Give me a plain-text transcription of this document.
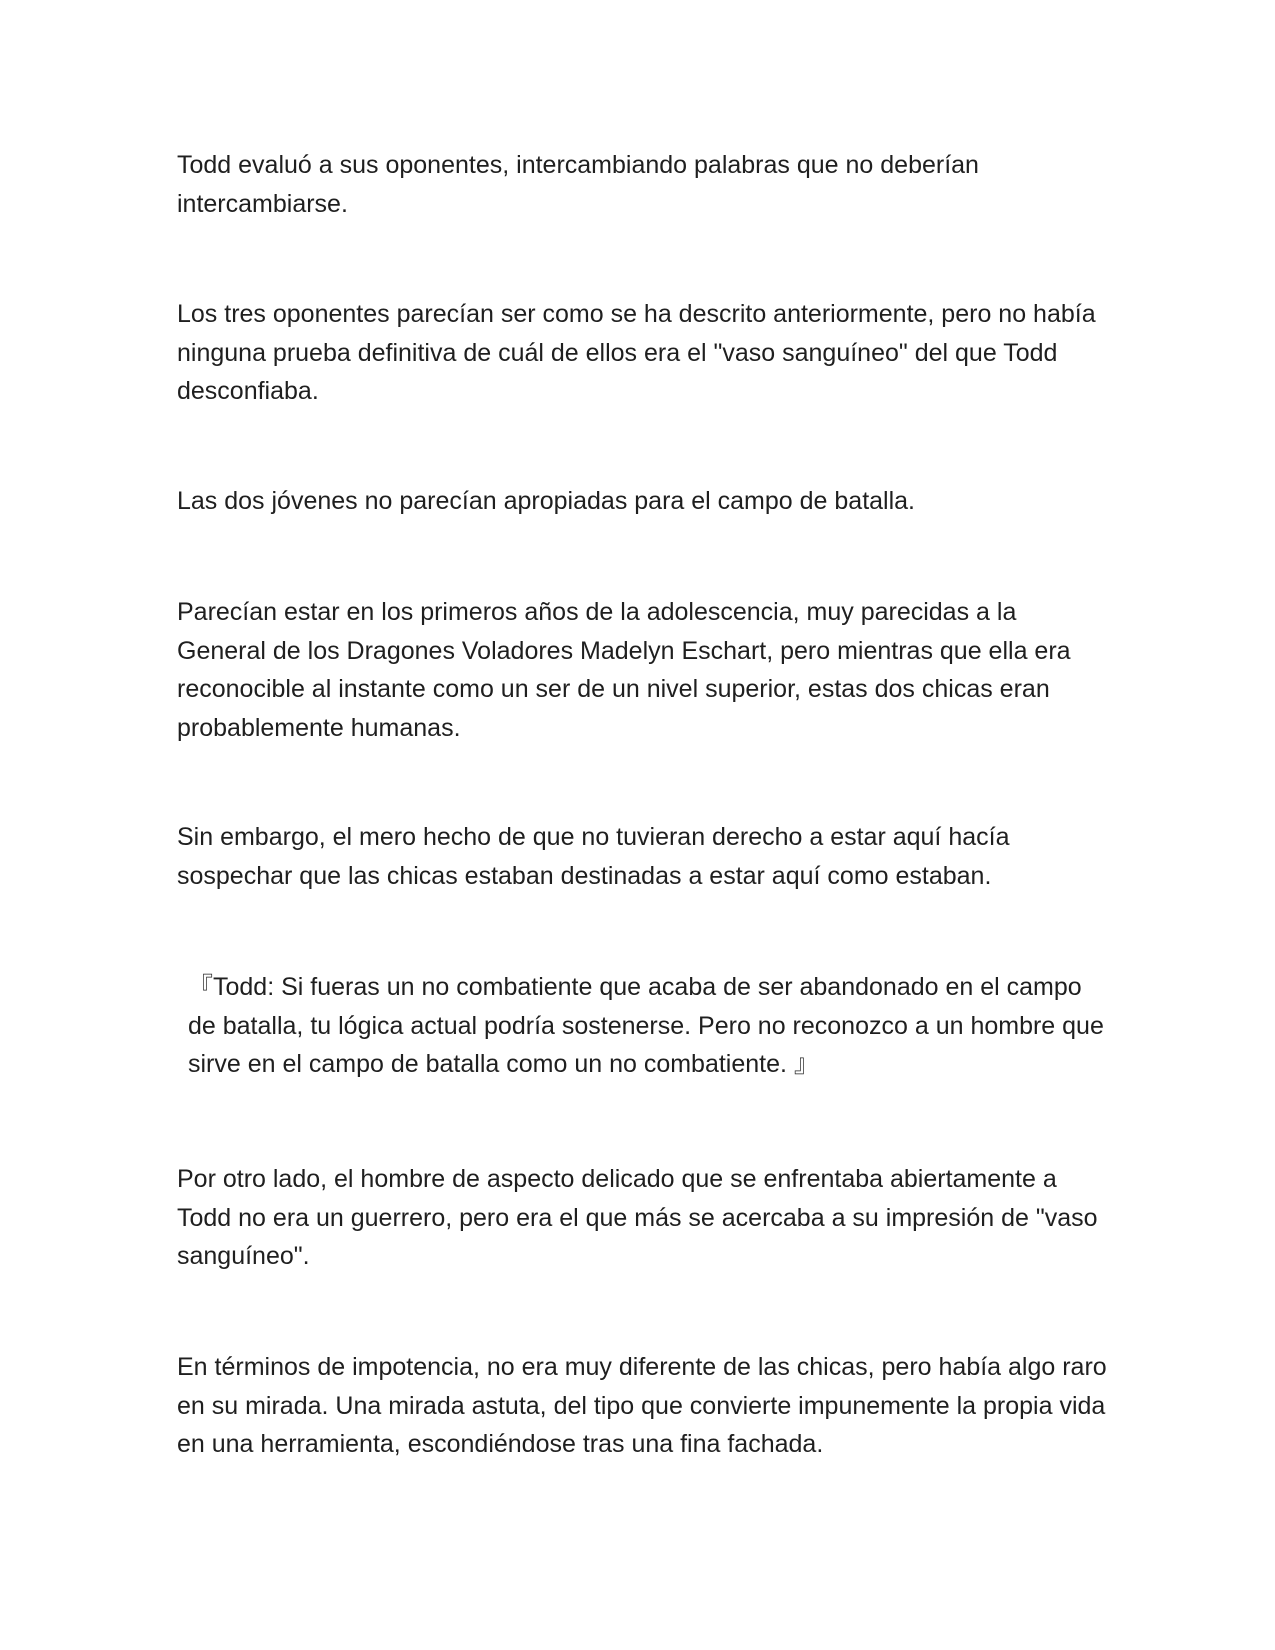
Todd evaluó a sus oponentes, intercambiando palabras que no deberían intercambiarse.

Los tres oponentes parecían ser como se ha descrito anteriormente, pero no había ninguna prueba definitiva de cuál de ellos era el "vaso sanguíneo" del que Todd desconfiaba.

Las dos jóvenes no parecían apropiadas para el campo de batalla.

Parecían estar en los primeros años de la adolescencia, muy parecidas a la General de los Dragones Voladores Madelyn Eschart, pero mientras que ella era reconocible al instante como un ser de un nivel superior, estas dos chicas eran probablemente humanas.

Sin embargo, el mero hecho de que no tuvieran derecho a estar aquí hacía sospechar que las chicas estaban destinadas a estar aquí como estaban.

『Todd: Si fueras un no combatiente que acaba de ser abandonado en el campo de batalla, tu lógica actual podría sostenerse. Pero no reconozco a un hombre que sirve en el campo de batalla como un no combatiente. 』

Por otro lado, el hombre de aspecto delicado que se enfrentaba abiertamente a Todd no era un guerrero, pero era el que más se acercaba a su impresión de "vaso sanguíneo".

En términos de impotencia, no era muy diferente de las chicas, pero había algo raro en su mirada. Una mirada astuta, del tipo que convierte impunemente la propia vida en una herramienta, escondiéndose tras una fina fachada.
